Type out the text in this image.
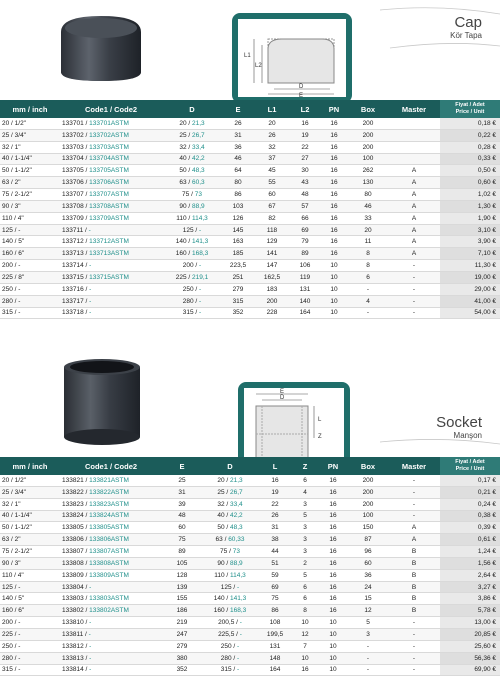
L1
L2
D
E
Cap
Kör Tapa
mm / inch	Code1 / Code2	D	E	L1	L2	PN	Box	Master	Fiyat / Adet
Price / Unit
20 / 1/2"	133701 / 133701ASTM	20 / 21,3	26	20	16	16	200		0,18 €
25 / 3/4"	133702 / 133702ASTM	25 / 26,7	31	26	19	16	200		0,22 €
32 / 1"	133703 / 133703ASTM	32 / 33,4	36	32	22	16	200		0,28 €
40 / 1-1/4"	133704 / 133704ASTM	40 / 42,2	46	37	27	16	100		0,33 €
50 / 1-1/2"	133705 / 133705ASTM	50 / 48,3	64	45	30	16	262	A	0,50 €
63 / 2"	133706 / 133706ASTM	63 / 60,3	80	55	43	16	130	A	0,60 €
75 / 2-1/2"	133707 / 133707ASTM	75 / 73	86	60	48	16	80	A	1,02 €
90 / 3"	133708 / 133708ASTM	90 / 88,9	103	67	57	16	46	A	1,30 €
110 / 4"	133709 / 133709ASTM	110 / 114,3	126	82	66	16	33	A	1,90 €
125 / -	133711 / -	125 / -	145	118	69	16	20	A	3,10 €
140 / 5"	133712 / 133712ASTM	140 / 141,3	163	129	79	16	11	A	3,90 €
160 / 6"	133713 / 133713ASTM	160 / 168,3	185	141	89	16	8	A	7,10 €
200 / -	133714 / -	200 / -	223,5	147	106	10	8	-	11,30 €
225 / 8"	133715 / 133715ASTM	225 / 219,1	251	162,5	119	10	6	-	19,00 €
250 / -	133716 / -	250 / -	279	183	131	10	-	-	29,00 €
280 / -	133717 / -	280 / -	315	200	140	10	4	-	41,00 €
315 / -	133718 / -	315 / -	352	228	164	10	-	-	54,00 €
E
D
L
Z
Socket
Manşon
mm / inch	Code1 / Code2	E	D	L	Z	PN	Box	Master	Fiyat / Adet
Price / Unit
20 / 1/2"	133821 / 133821ASTM	25	20 / 21,3	16	6	16	200	-	0,17 €
25 / 3/4"	133822 / 133822ASTM	31	25 / 26,7	19	4	16	200	-	0,21 €
32 / 1"	133823 / 133823ASTM	39	32 / 33,4	22	3	16	200	-	0,24 €
40 / 1-1/4"	133824 / 133824ASTM	48	40 / 42,2	26	5	16	100	-	0,38 €
50 / 1-1/2"	133805 / 133805ASTM	60	50 / 48,3	31	3	16	150	A	0,39 €
63 / 2"	133806 / 133806ASTM	75	63 / 60,33	38	3	16	87	A	0,61 €
75 / 2-1/2"	133807 / 133807ASTM	89	75 / 73	44	3	16	96	B	1,24 €
90 / 3"	133808 / 133808ASTM	105	90 / 88,9	51	2	16	60	B	1,56 €
110 / 4"	133809 / 133809ASTM	128	110 / 114,3	59	5	16	36	B	2,64 €
125 / -	133804 / -	139	125 / -	69	6	16	24	B	3,27 €
140 / 5"	133803 / 133803ASTM	155	140 / 141,3	75	6	16	15	B	3,86 €
160 / 6"	133802 / 133802ASTM	186	160 / 168,3	86	8	16	12	B	5,78 €
200 / -	133810 / -	219	200,5 / -	108	10	10	5	-	13,00 €
225 / -	133811 / -	247	225,5 / -	199,5	12	10	3	-	20,85 €
250 / -	133812 / -	279	250 / -	131	7	10	-	-	25,60 €
280 / -	133813 / -	380	280 / -	148	10	10	-	-	56,36 €
315 / -	133814 / -	352	315 / -	164	16	10	-	-	69,90 €
